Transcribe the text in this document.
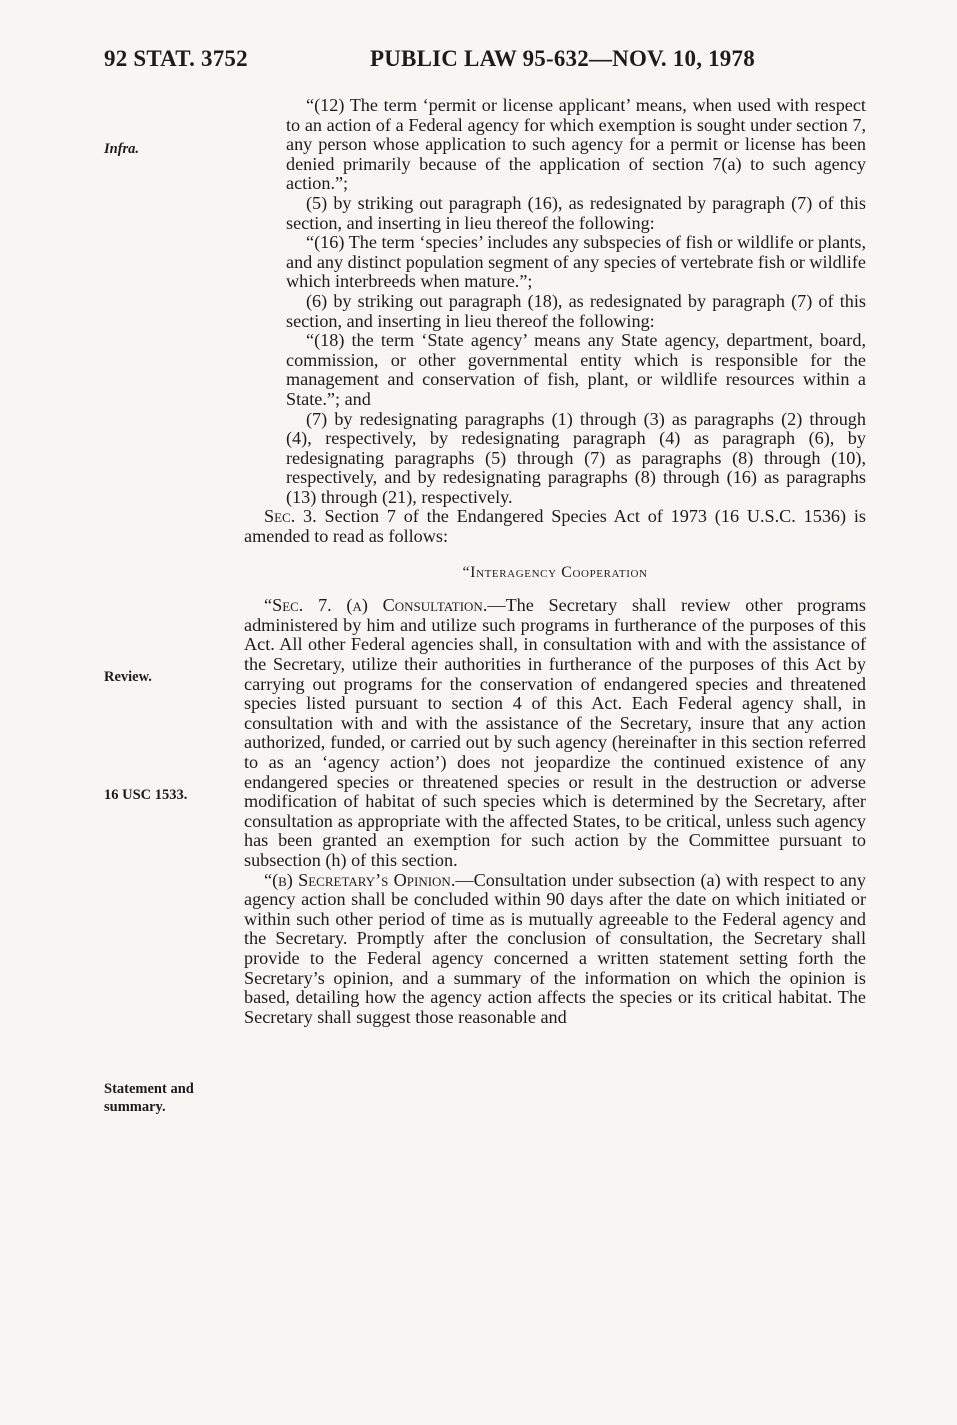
92 STAT. 3752	PUBLIC LAW 95-632—NOV. 10, 1978
Infra.
Review.
16 USC 1533.
Statement and summary.

“(12) The term ‘permit or license applicant’ means, when used with respect to an action of a Federal agency for which exemption is sought under section 7, any person whose application to such agency for a permit or license has been denied primarily because of the application of section 7(a) to such agency action.”;

(5) by striking out paragraph (16), as redesignated by paragraph (7) of this section, and inserting in lieu thereof the following:

“(16) The term ‘species’ includes any subspecies of fish or wildlife or plants, and any distinct population segment of any species of vertebrate fish or wildlife which interbreeds when mature.”;

(6) by striking out paragraph (18), as redesignated by paragraph (7) of this section, and inserting in lieu thereof the following:

“(18) the term ‘State agency’ means any State agency, department, board, commission, or other governmental entity which is responsible for the management and conservation of fish, plant, or wildlife resources within a State.”; and

(7) by redesignating paragraphs (1) through (3) as paragraphs (2) through (4), respectively, by redesignating paragraph (4) as paragraph (6), by redesignating paragraphs (5) through (7) as paragraphs (8) through (10), respectively, and by redesignating paragraphs (8) through (16) as paragraphs (13) through (21), respectively.

Sec. 3. Section 7 of the Endangered Species Act of 1973 (16 U.S.C. 1536) is amended to read as follows:

“Interagency Cooperation

“Sec. 7. (a) Consultation.—The Secretary shall review other programs administered by him and utilize such programs in furtherance of the purposes of this Act. All other Federal agencies shall, in consultation with and with the assistance of the Secretary, utilize their authorities in furtherance of the purposes of this Act by carrying out programs for the conservation of endangered species and threatened species listed pursuant to section 4 of this Act. Each Federal agency shall, in consultation with and with the assistance of the Secretary, insure that any action authorized, funded, or carried out by such agency (hereinafter in this section referred to as an ‘agency action’) does not jeopardize the continued existence of any endangered species or threatened species or result in the destruction or adverse modification of habitat of such species which is determined by the Secretary, after consultation as appropriate with the affected States, to be critical, unless such agency has been granted an exemption for such action by the Committee pursuant to subsection (h) of this section.

“(b) Secretary’s Opinion.—Consultation under subsection (a) with respect to any agency action shall be concluded within 90 days after the date on which initiated or within such other period of time as is mutually agreeable to the Federal agency and the Secretary. Promptly after the conclusion of consultation, the Secretary shall provide to the Federal agency concerned a written statement setting forth the Secretary’s opinion, and a summary of the information on which the opinion is based, detailing how the agency action affects the species or its critical habitat. The Secretary shall suggest those reasonable and
